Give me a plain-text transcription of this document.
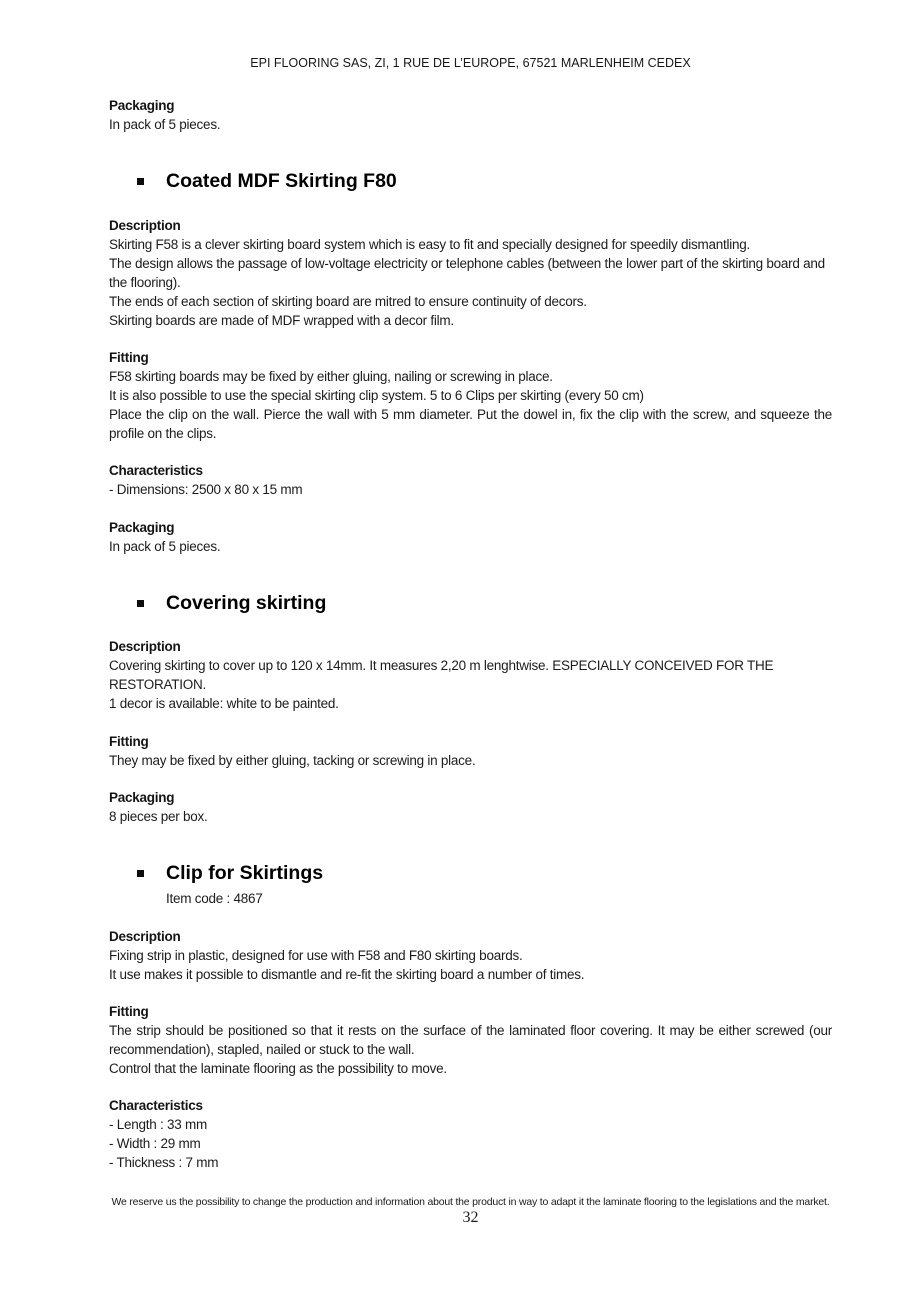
EPI FLOORING SAS, ZI, 1 RUE DE L’EUROPE, 67521 MARLENHEIM CEDEX
Packaging
In pack of 5 pieces.
Coated MDF Skirting F80
Description
Skirting F58 is a clever skirting board system which is easy to fit and specially designed for speedily dismantling.
The design allows the passage of low-voltage electricity or telephone cables (between the lower part of the skirting board and the flooring).
The ends of each section of skirting board are mitred to ensure continuity of decors.
Skirting boards are made of MDF wrapped with a decor film.
Fitting
F58 skirting boards may be fixed by either gluing, nailing or screwing in place.
It is also possible to use the special skirting clip system. 5 to 6 Clips per skirting (every 50 cm)
Place the clip on the wall. Pierce the wall with 5 mm diameter. Put the dowel in, fix the clip with the screw, and squeeze the profile on the clips.
Characteristics
- Dimensions: 2500 x 80 x 15 mm
Packaging
In pack of 5 pieces.
Covering skirting
Description
Covering skirting to cover up to 120 x 14mm. It measures 2,20 m lenghtwise. ESPECIALLY CONCEIVED FOR THE RESTORATION.
1 decor is available: white to be painted.
Fitting
They may be fixed by either gluing, tacking or screwing in place.
Packaging
8 pieces per box.
Clip for Skirtings
Item code : 4867
Description
Fixing strip in plastic, designed for use with F58 and F80 skirting boards.
It use makes it possible to dismantle and re-fit the skirting board a number of times.
Fitting
The strip should be positioned so that it rests on the surface of the laminated floor covering. It may be either screwed (our recommendation), stapled, nailed or stuck to the wall.
Control that the laminate flooring as the possibility to move.
Characteristics
- Length : 33 mm
- Width : 29 mm
- Thickness : 7 mm
We reserve us the possibility to change the production and information about the product in way to adapt it the laminate flooring to the legislations and the market.
32
